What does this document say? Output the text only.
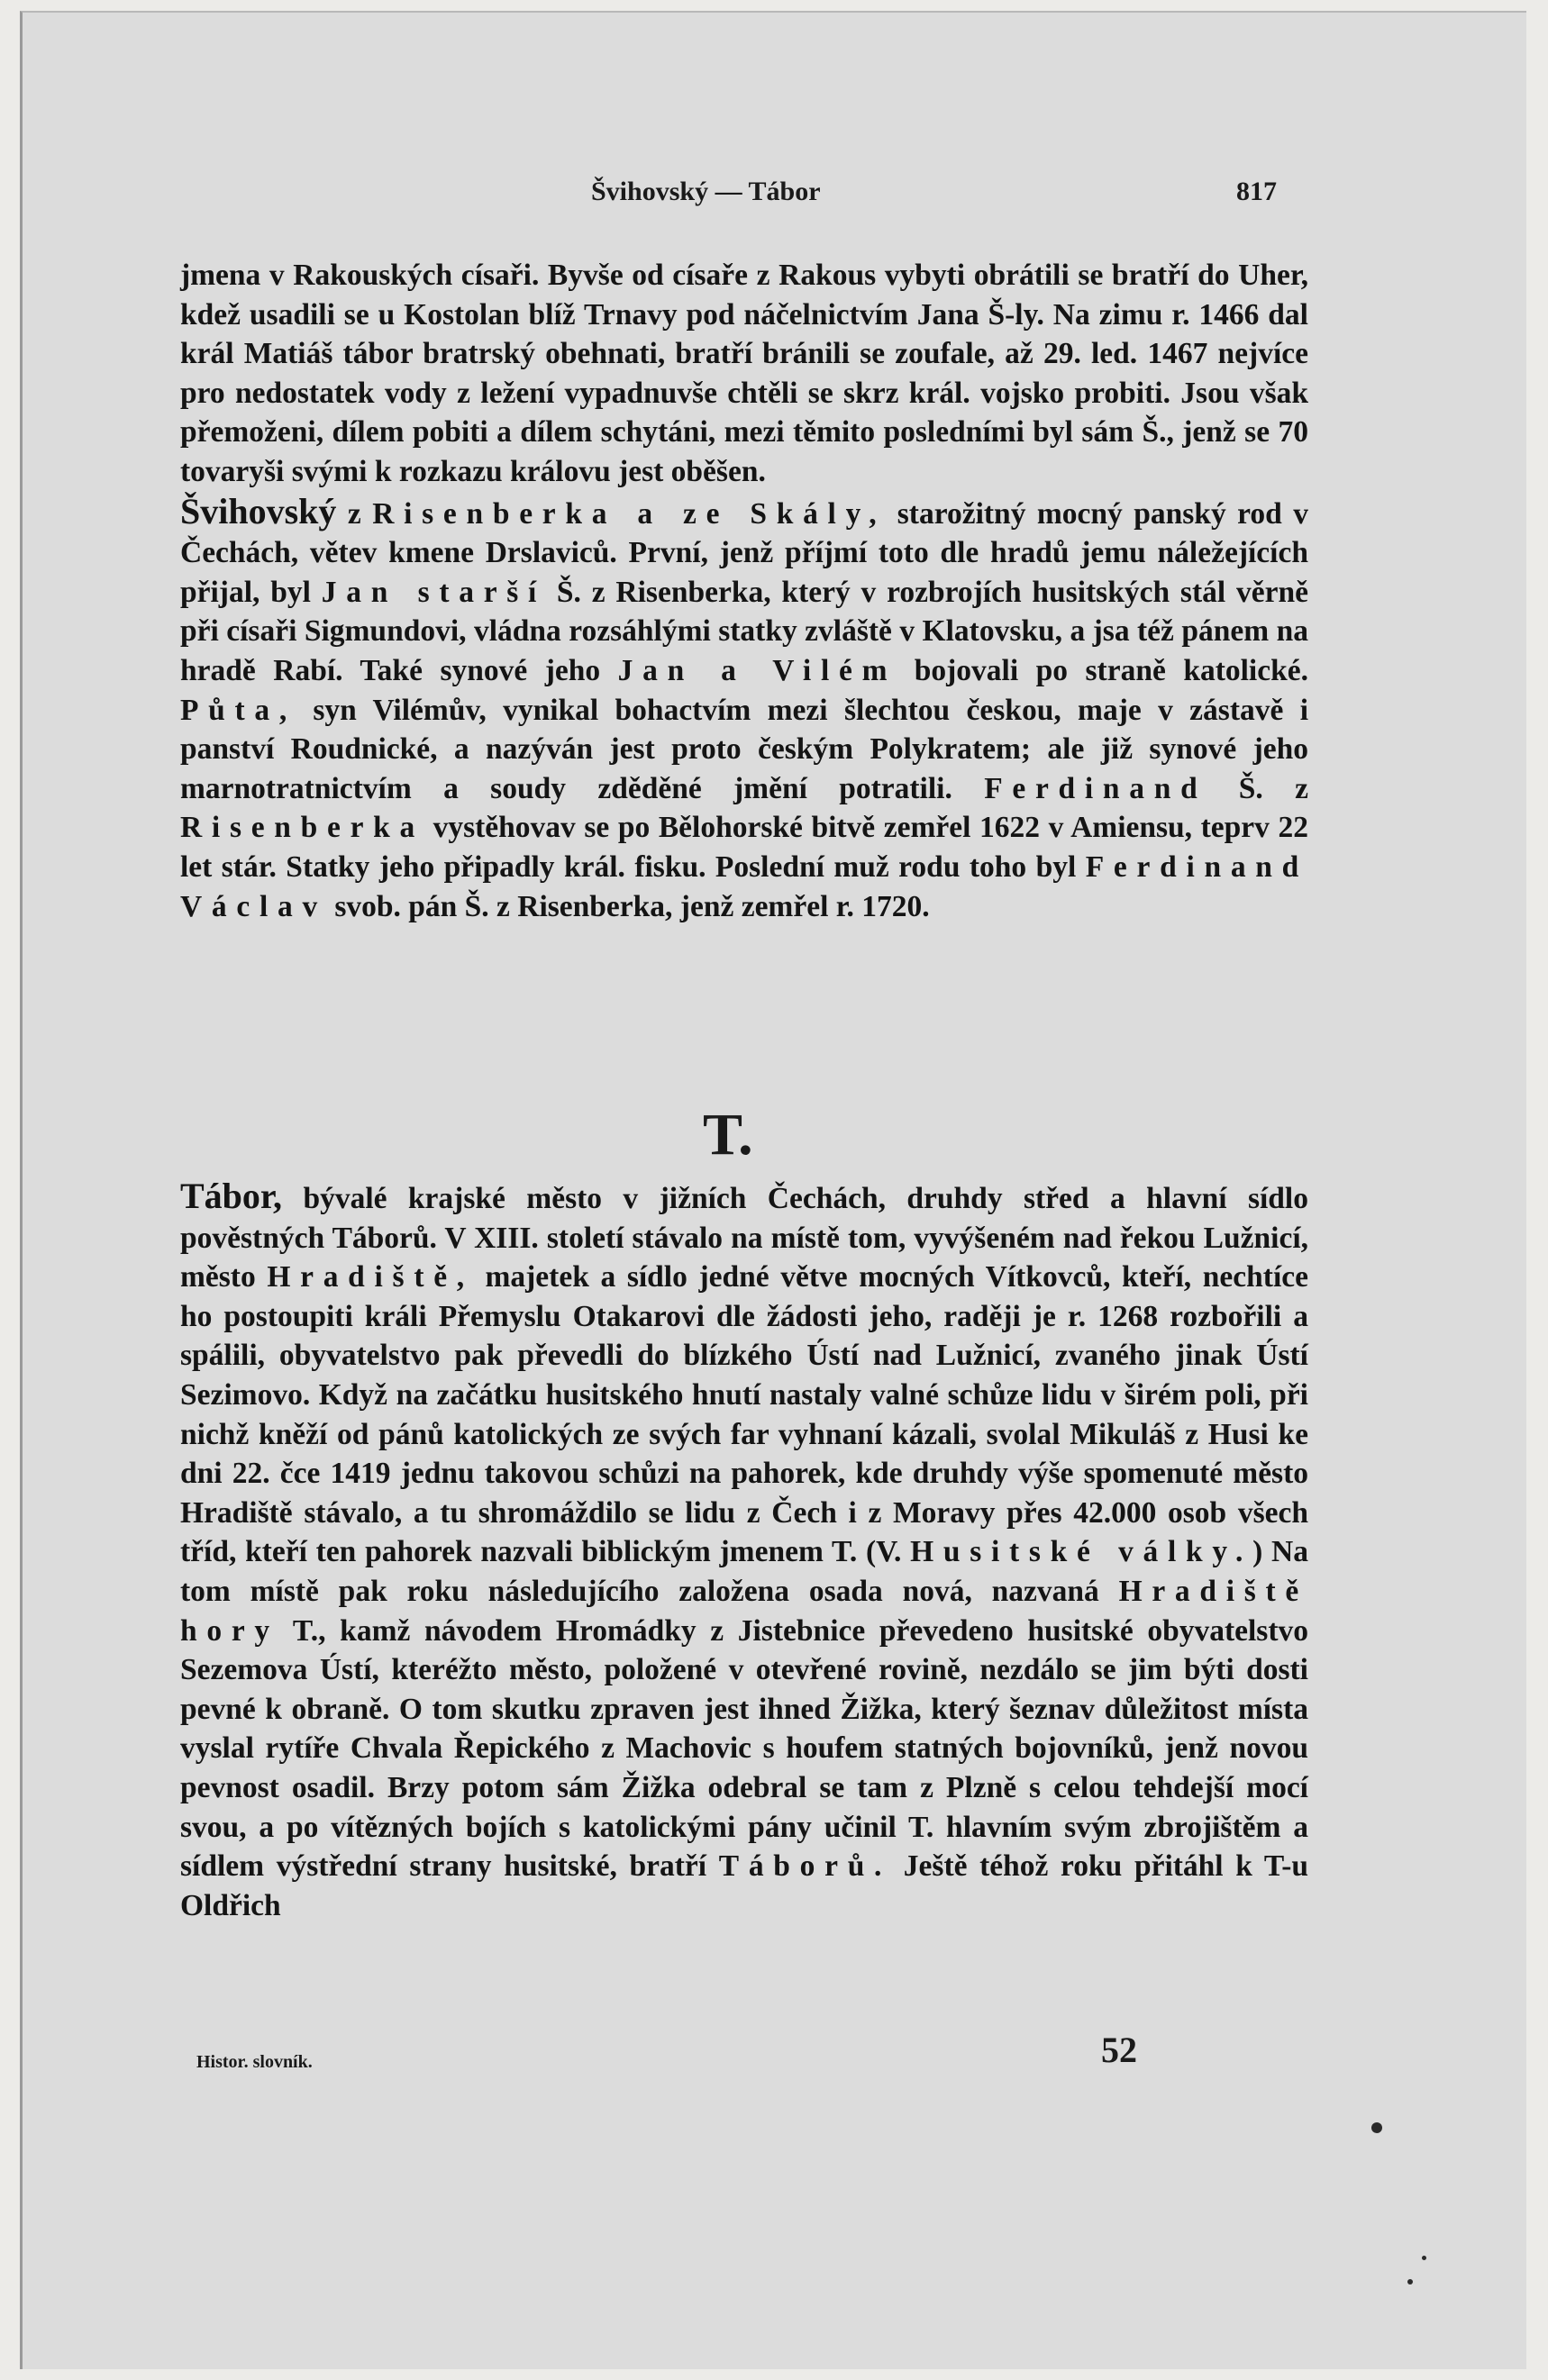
Švihovský — Tábor	817

jmena v Rakouských císaři. Byvše od císaře z Rakous vybyti obrátili se bratří do Uher, kdež usadili se u Kostolan blíž Trnavy pod náčelnictvím Jana Š-ly. Na zimu r. 1466 dal král Matiáš tábor bratrský obehnati, bratří bránili se zoufale, až 29. led. 1467 nejvíce pro nedostatek vody z ležení vypadnuvše chtěli se skrz král. vojsko probiti. Jsou však přemoženi, dílem pobiti a dílem schytáni, mezi těmito posledními byl sám Š., jenž se 70 tovaryši svými k rozkazu královu jest oběšen.

Švihovský z Risenberka a ze Skály, starožitný mocný panský rod v Čechách, větev kmene Drslaviců. První, jenž příjmí toto dle hradů jemu náležejících přijal, byl Jan starší Š. z Risenberka, který v rozbrojích husitských stál věrně při císaři Sigmundovi, vládna rozsáhlými statky zvláště v Klatovsku, a jsa též pánem na hradě Rabí. Také synové jeho Jan a Vilém bojovali po straně katolické. Půta, syn Vilémův, vynikal bohactvím mezi šlechtou českou, maje v zástavě i panství Roudnické, a nazýván jest proto českým Polykratem; ale již synové jeho marnotratnictvím a soudy zděděné jmění potratili. Ferdinand Š. z Risenberka vystěhovav se po Bělohorské bitvě zemřel 1622 v Amiensu, teprv 22 let stár. Statky jeho připadly král. fisku. Poslední muž rodu toho byl Ferdinand Václav svob. pán Š. z Risenberka, jenž zemřel r. 1720.

T.

Tábor, bývalé krajské město v jižních Čechách, druhdy střed a hlavní sídlo pověstných Táborů. V XIII. století stávalo na místě tom, vyvýšeném nad řekou Lužnicí, město Hradiště, majetek a sídlo jedné větve mocných Vítkovců, kteří, nechtíce ho postoupiti králi Přemyslu Otakarovi dle žádosti jeho, raději je r. 1268 rozbořili a spálili, obyvatelstvo pak převedli do blízkého Ústí nad Lužnicí, zvaného jinak Ústí Sezimovo. Když na začátku husitského hnutí nastaly valné schůze lidu v širém poli, při nichž kněží od pánů katolických ze svých far vyhnaní kázali, svolal Mikuláš z Husi ke dni 22. čce 1419 jednu takovou schůzi na pahorek, kde druhdy výše spomenuté město Hradiště stávalo, a tu shromáždilo se lidu z Čech i z Moravy přes 42.000 osob všech tříd, kteří ten pahorek nazvali biblickým jmenem T. (V. Husitské války.) Na tom místě pak roku následujícího založena osada nová, nazvaná Hradiště hory T., kamž návodem Hromádky z Jistebnice převedeno husitské obyvatelstvo Sezemova Ústí, kteréžto město, položené v otevřené rovině, nezdálo se jim býti dosti pevné k obraně. O tom skutku zpraven jest ihned Žižka, který šeznav důležitost místa vyslal rytíře Chvala Řepického z Machovic s houfem statných bojovníků, jenž novou pevnost osadil. Brzy potom sám Žižka odebral se tam z Plzně s celou tehdejší mocí svou, a po vítězných bojích s katolickými pány učinil T. hlavním svým zbrojištěm a sídlem výstřední strany husitské, bratří Táborů. Ještě téhož roku přitáhl k T-u Oldřich

Histor. slovník.	52
